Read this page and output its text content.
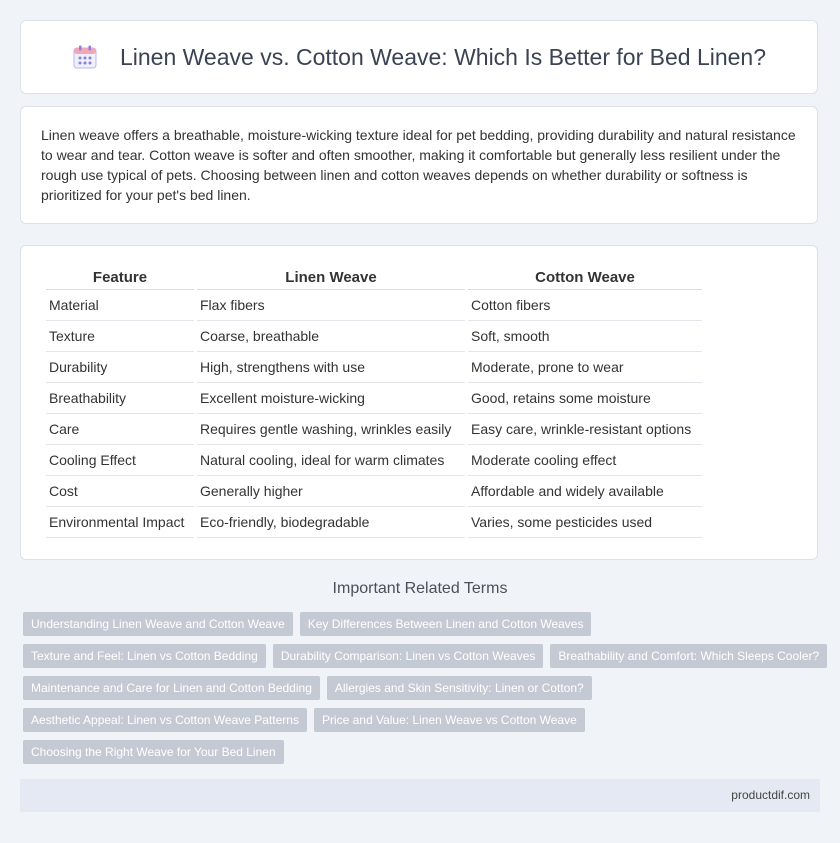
Linen Weave vs. Cotton Weave: Which Is Better for Bed Linen?

Linen weave offers a breathable, moisture-wicking texture ideal for pet bedding, providing durability and natural resistance to wear and tear. Cotton weave is softer and often smoother, making it comfortable but generally less resilient under the rough use typical of pets. Choosing between linen and cotton weaves depends on whether durability or softness is prioritized for your pet's bed linen.

Feature	Linen Weave	Cotton Weave
Material	Flax fibers	Cotton fibers
Texture	Coarse, breathable	Soft, smooth
Durability	High, strengthens with use	Moderate, prone to wear
Breathability	Excellent moisture-wicking	Good, retains some moisture
Care	Requires gentle washing, wrinkles easily	Easy care, wrinkle-resistant options
Cooling Effect	Natural cooling, ideal for warm climates	Moderate cooling effect
Cost	Generally higher	Affordable and widely available
Environmental Impact	Eco-friendly, biodegradable	Varies, some pesticides used
Important Related Terms
Understanding Linen Weave and Cotton Weave	Key Differences Between Linen and Cotton Weaves
Texture and Feel: Linen vs Cotton Bedding	Durability Comparison: Linen vs Cotton Weaves	Breathability and Comfort: Which Sleeps Cooler?
Maintenance and Care for Linen and Cotton Bedding	Allergies and Skin Sensitivity: Linen or Cotton?
Aesthetic Appeal: Linen vs Cotton Weave Patterns	Price and Value: Linen Weave vs Cotton Weave
Choosing the Right Weave for Your Bed Linen
productdif.com
